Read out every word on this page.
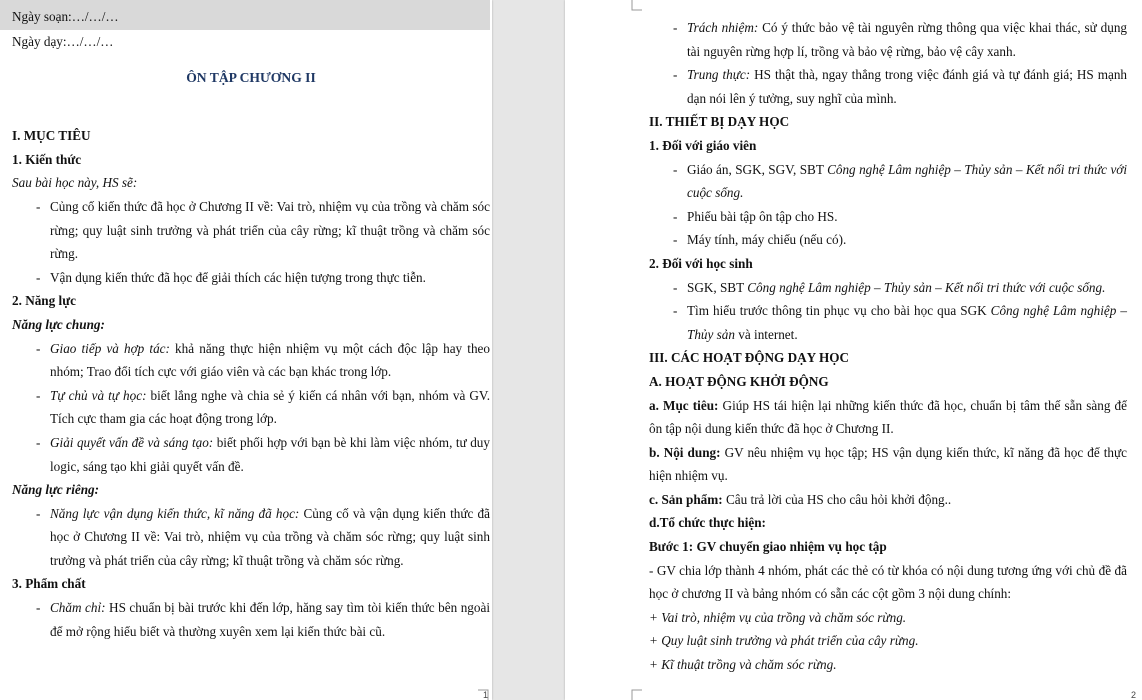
Ngày soạn:…/…/…
Ngày dạy:…/…/…
ÔN TẬP CHƯƠNG II
I. MỤC TIÊU
1. Kiến thức
Sau bài học này, HS sẽ:
- Củng cố kiến thức đã học ở Chương II về: Vai trò, nhiệm vụ của trồng và chăm sóc rừng; quy luật sinh trưởng và phát triển của cây rừng; kĩ thuật trồng và chăm sóc rừng.
- Vận dụng kiến thức đã học để giải thích các hiện tượng trong thực tiễn.
2. Năng lực
Năng lực chung:
- Giao tiếp và hợp tác: khả năng thực hiện nhiệm vụ một cách độc lập hay theo nhóm; Trao đổi tích cực với giáo viên và các bạn khác trong lớp.
- Tự chủ và tự học: biết lắng nghe và chia sẻ ý kiến cá nhân với bạn, nhóm và GV. Tích cực tham gia các hoạt động trong lớp.
- Giải quyết vấn đề và sáng tạo: biết phối hợp với bạn bè khi làm việc nhóm, tư duy logic, sáng tạo khi giải quyết vấn đề.
Năng lực riêng:
- Năng lực vận dụng kiến thức, kĩ năng đã học: Củng cố và vận dụng kiến thức đã học ở Chương II về: Vai trò, nhiệm vụ của trồng và chăm sóc rừng; quy luật sinh trưởng và phát triển của cây rừng; kĩ thuật trồng và chăm sóc rừng.
3. Phẩm chất
- Chăm chỉ: HS chuẩn bị bài trước khi đến lớp, hăng say tìm tòi kiến thức bên ngoài để mở rộng hiểu biết và thường xuyên xem lại kiến thức bài cũ.
1
- Trách nhiệm: Có ý thức bảo vệ tài nguyên rừng thông qua việc khai thác, sử dụng tài nguyên rừng hợp lí, trồng và bảo vệ rừng, bảo vệ cây xanh.
- Trung thực: HS thật thà, ngay thẳng trong việc đánh giá và tự đánh giá; HS mạnh dạn nói lên ý tưởng, suy nghĩ của mình.
II. THIẾT BỊ DẠY HỌC
1. Đối với giáo viên
- Giáo án, SGK, SGV, SBT Công nghệ Lâm nghiệp – Thủy sản – Kết nối tri thức với cuộc sống.
- Phiếu bài tập ôn tập cho HS.
- Máy tính, máy chiếu (nếu có).
2. Đối với học sinh
- SGK, SBT Công nghệ Lâm nghiệp – Thủy sản – Kết nối tri thức với cuộc sống.
- Tìm hiểu trước thông tin phục vụ cho bài học qua SGK Công nghệ Lâm nghiệp – Thủy sản và internet.
III. CÁC HOẠT ĐỘNG DẠY HỌC
A. HOẠT ĐỘNG KHỞI ĐỘNG
a. Mục tiêu: Giúp HS tái hiện lại những kiến thức đã học, chuẩn bị tâm thế sẵn sàng để ôn tập nội dung kiến thức đã học ở Chương II.
b. Nội dung: GV nêu nhiệm vụ học tập; HS vận dụng kiến thức, kĩ năng đã học để thực hiện nhiệm vụ.
c. Sản phẩm: Câu trả lời của HS cho câu hỏi khởi động..
d.Tổ chức thực hiện:
Bước 1: GV chuyển giao nhiệm vụ học tập
- GV chia lớp thành 4 nhóm, phát các thẻ có từ khóa có nội dung tương ứng với chủ đề đã học ở chương II và bảng nhóm có sẵn các cột gồm 3 nội dung chính:
+ Vai trò, nhiệm vụ của trồng và chăm sóc rừng.
+ Quy luật sinh trưởng và phát triển của cây rừng.
+ Kĩ thuật trồng và chăm sóc rừng.
2
